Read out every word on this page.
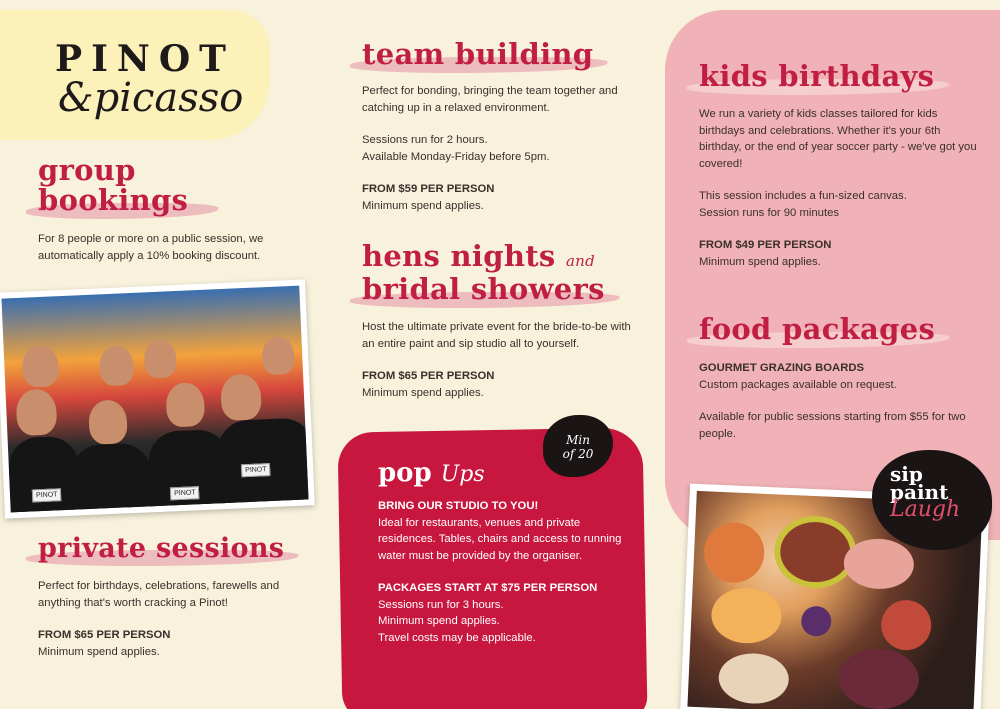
PINOT
&picasso
group
bookings

For 8 people or more on a public session, we automatically apply a 10% booking discount.

PINOT	PINOT
PINOT
private sessions

Perfect for birthdays, celebrations, farewells and anything that's worth cracking a Pinot!

FROM $65 PER PERSON
Minimum spend applies.
team building

Perfect for bonding, bringing the team together and catching up in a relaxed environment.

Sessions run for 2 hours.
Available Monday-Friday before 5pm.
FROM $59 PER PERSON
Minimum spend applies.
hens nights and
bridal showers

Host the ultimate private event for the bride-to-be with an entire paint and sip studio all to yourself.

FROM $65 PER PERSON
Minimum spend applies.
Min
of 20
pop Ups
BRING OUR STUDIO TO YOU!

Ideal for restaurants, venues and private residences. Tables, chairs and access to running water must be provided by the organiser.

PACKAGES START AT $75 PER PERSON
Sessions run for 3 hours.
Minimum spend applies.
Travel costs may be applicable.
kids birthdays

We run a variety of kids classes tailored for kids birthdays and celebrations. Whether it's your 6th birthday, or the end of year soccer party - we've got you covered!

This session includes a fun-sized canvas.
Session runs for 90 minutes
FROM $49 PER PERSON
Minimum spend applies.
food packages
GOURMET GRAZING BOARDS

Custom packages available on request.

Available for public sessions starting from $55 for two people.

sip
paint
Laugh
